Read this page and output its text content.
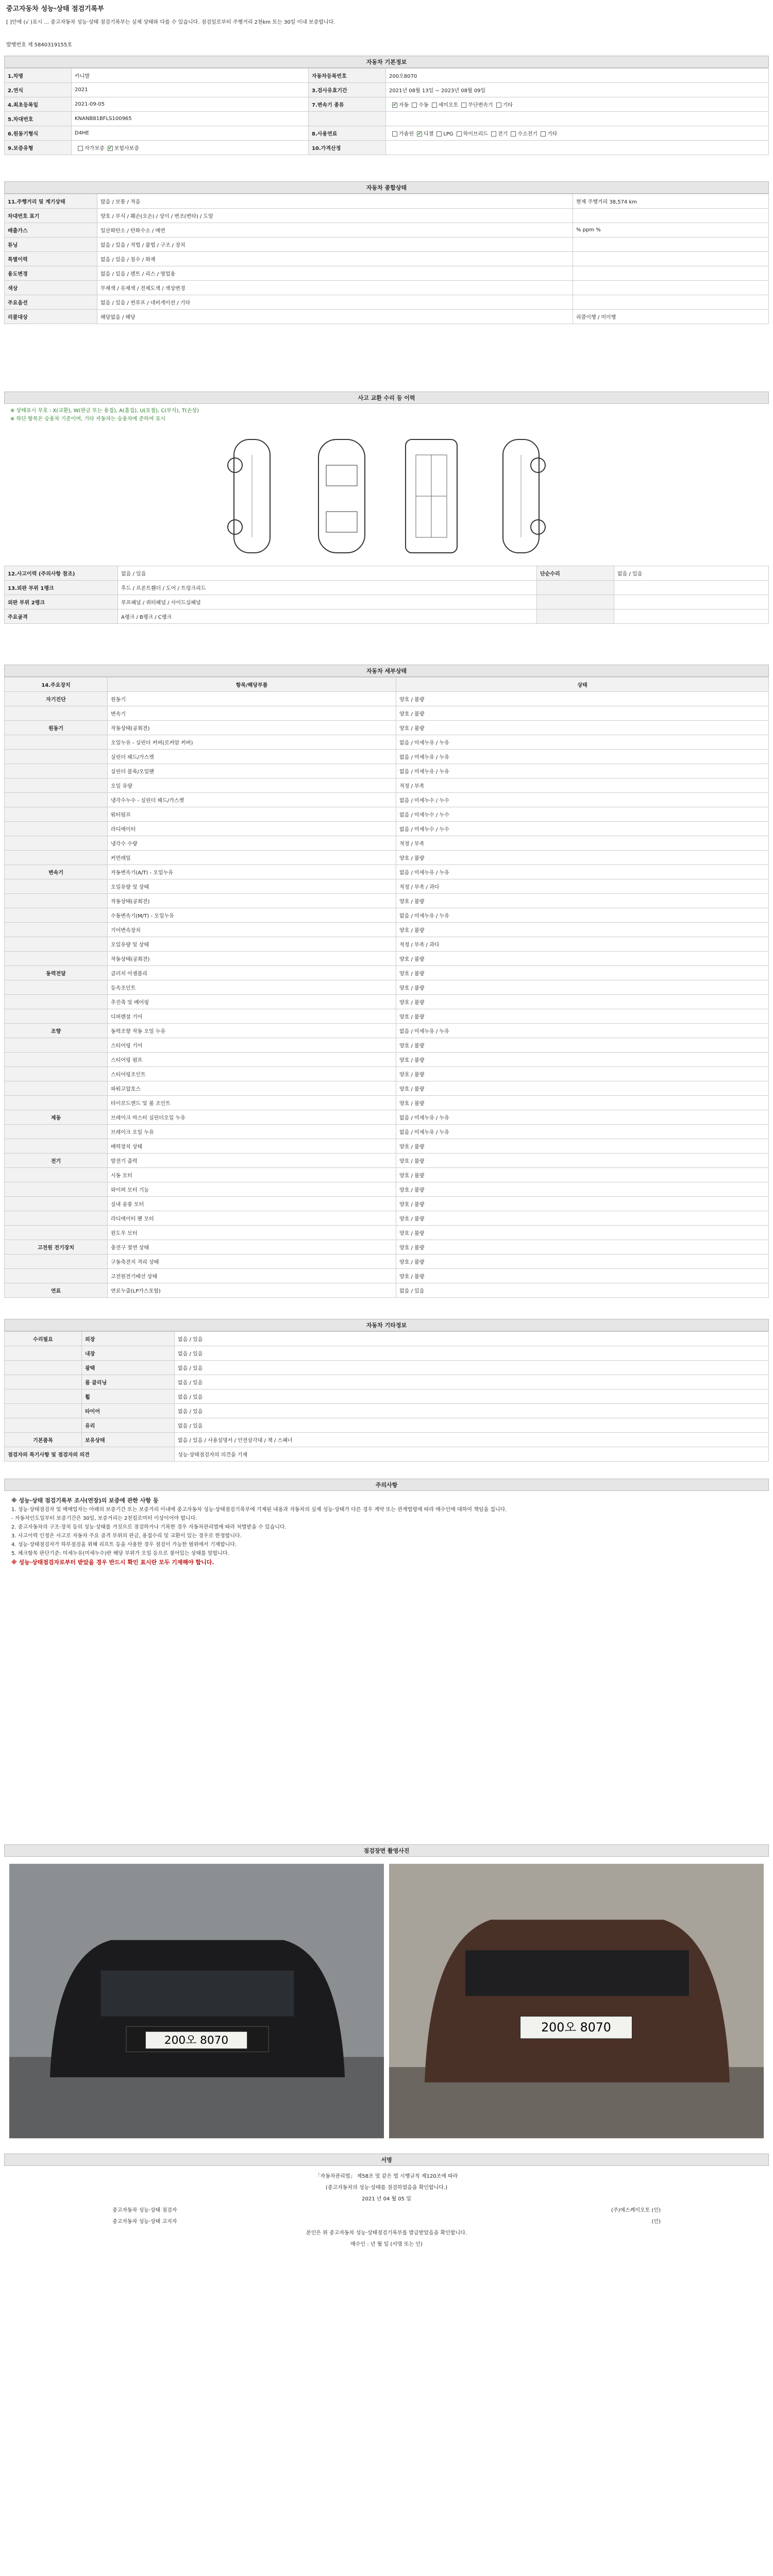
중고자동차 성능·상태 점검기록부
[ ]안에 (√ )표시 ... 중고자동차 성능·상태 점검기록부는 실제 상태와 다를 수 있습니다. 점검일로부터 주행거리 2천km 또는 30일 이내 보증합니다.
발행번호 제 5840319155호
자동차 기본정보
1.차명	카니발	자동차등록번호	200오8070
2.연식	2021	3.검사유효기간	2021년 08월 13일 ~ 2023년 08월 09일
4.최초등록일	2021-09-05	7.변속기 종류	✔자동 수동 세미오토 무단변속기 기타
5.차대번호	KNANB81BFLS100965		
6.원동기형식	D4HE	8.사용연료	가솔린 ✔ 디젤 LPG 하이브리드 전기 수소전기 기타
9.보증유형	자가보증 ✔ 보험사보증	10.가격산정	
자동차 종합상태
11.주행거리 및 계기상태	많음 / 보통 / 적음	현재 주행거리 38,574 km
차대번호 표기	양호 / 부식 / 훼손(오손) / 상이 / 변조(변타) / 도말	
배출가스	일산화탄소 / 탄화수소 / 매연	% ppm %
튜닝	없음 / 있음 / 적법 / 불법 / 구조 / 장치	
특별이력	없음 / 있음 / 침수 / 화재	
용도변경	없음 / 있음 / 렌트 / 리스 / 영업용	
색상	무채색 / 유채색 / 전체도색 / 색상변경	
주요옵션	없음 / 있음 / 썬루프 / 네비게이션 / 기타	
리콜대상	해당없음 / 해당	리콜이행 / 미이행
사고 교환 수리 등 이력
※ 상태표시 부호 : X(교환), W(판금 또는 용접), A(흠집), U(요철), C(부식), T(손상)
※ 하단 항목은 승용차 기준이며, 기타 자동차는 승용차에 준하여 표시
12.사고이력 (주의사항 참조)	없음 / 있음	단순수리	없음 / 있음
13.외판 부위 1랭크	후드 / 프론트휀더 / 도어 / 트렁크리드		
외판 부위 2랭크	루프패널 / 쿼터패널 / 사이드실패널		
주요골격	A랭크 / B랭크 / C랭크		
자동차 세부상태
14.주요장치	항목/해당부품	상태
자기진단	원동기	양호 / 불량
	변속기	양호 / 불량
원동기	작동상태(공회전)	양호 / 불량
	오일누유 - 실린더 커버(로커암 커버)	없음 / 미세누유 / 누유
	실린더 헤드/가스켓	없음 / 미세누유 / 누유
	실린더 블록/오일팬	없음 / 미세누유 / 누유
	오일 유량	적정 / 부족
	냉각수누수 - 실린더 헤드/가스켓	없음 / 미세누수 / 누수
	워터펌프	없음 / 미세누수 / 누수
	라디에이터	없음 / 미세누수 / 누수
	냉각수 수량	적정 / 부족
	커먼레일	양호 / 불량
변속기	자동변속기(A/T) - 오일누유	없음 / 미세누유 / 누유
	오일유량 및 상태	적정 / 부족 / 과다
	작동상태(공회전)	양호 / 불량
	수동변속기(M/T) - 오일누유	없음 / 미세누유 / 누유
	기어변속장치	양호 / 불량
	오일유량 및 상태	적정 / 부족 / 과다
	작동상태(공회전)	양호 / 불량
동력전달	클러치 어셈블리	양호 / 불량
	등속조인트	양호 / 불량
	추진축 및 베어링	양호 / 불량
	디퍼렌셜 기어	양호 / 불량
조향	동력조향 작동 오일 누유	없음 / 미세누유 / 누유
	스티어링 기어	양호 / 불량
	스티어링 펌프	양호 / 불량
	스티어링조인트	양호 / 불량
	파워고압호스	양호 / 불량
	타이로드엔드 및 볼 조인트	양호 / 불량
제동	브레이크 마스터 실린더오일 누유	없음 / 미세누유 / 누유
	브레이크 오일 누유	없음 / 미세누유 / 누유
	배력장치 상태	양호 / 불량
전기	발전기 출력	양호 / 불량
	시동 모터	양호 / 불량
	와이퍼 모터 기능	양호 / 불량
	실내 송풍 모터	양호 / 불량
	라디에이터 팬 모터	양호 / 불량
	윈도우 모터	양호 / 불량
고전원 전기장치	충전구 절연 상태	양호 / 불량
	구동축전지 격리 상태	양호 / 불량
	고전원전기배선 상태	양호 / 불량
연료	연료누출(LP가스포함)	없음 / 있음
자동차 기타정보
수리필요	외장	없음 / 있음
	내장	없음 / 있음
	광택	없음 / 있음
	룸 클리닝	없음 / 있음
	휠	없음 / 있음
	타이어	없음 / 있음
	유리	없음 / 있음
기본품목	보유상태	없음 / 있음 / 사용설명서 / 안전삼각대 / 잭 / 스패너
점검자의 특기사항 및 점검자의 의견		성능·상태점검자의 의견을 기재
주의사항
※ 성능·상태 점검기록부 조사(연장)의 보증에 관한 사항 등
1. 성능·상태점검자 및 매매업자는 아래의 보증기간 또는 보증거리 이내에 중고자동차 성능·상태점검기록부에 기재된 내용과 자동차의 실제 성능·상태가 다른 경우 계약 또는 관계법령에 따라 매수인에 대하여 책임을 집니다.
- 자동차인도일부터 보증기간은 30일, 보증거리는 2천킬로미터 이상이어야 합니다.
2. 중고자동차의 구조·장치 등의 성능·상태를 거짓으로 점검하거나 기록한 경우 자동차관리법에 따라 처벌받을 수 있습니다.
3. 사고이력 인정은 사고로 자동차 주요 골격 부위의 판금, 용접수리 및 교환이 있는 경우로 한정합니다.
4. 성능·상태점검자가 하부점검을 위해 리프트 등을 사용한 경우 점검이 가능한 범위에서 기재합니다.
5. 체크항목 판단기준: 미세누유(미세누수)란 해당 부위가 오일 등으로 젖어있는 상태를 말합니다.
※ 성능·상태점검자로부터 받았을 경우 반드시 확인 표시란 모두 기재해야 합니다.
점검장면 촬영사진
200오 8070
200오 8070
서명
「자동차관리법」 제58조 및 같은 법 시행규칙 제120조에 따라
(중고자동차의 성능·상태를 점검하였음을 확인합니다.)
2021 년 04 월 05 일
중고자동차 성능·상태 점검자	(주)에스케이오토 (인)
중고자동차 성능·상태 고지자	(인)
본인은 위 중고자동차 성능·상태점검기록부를 발급받았음을 확인합니다.
매수인 : 년 월 일 (서명 또는 인)
